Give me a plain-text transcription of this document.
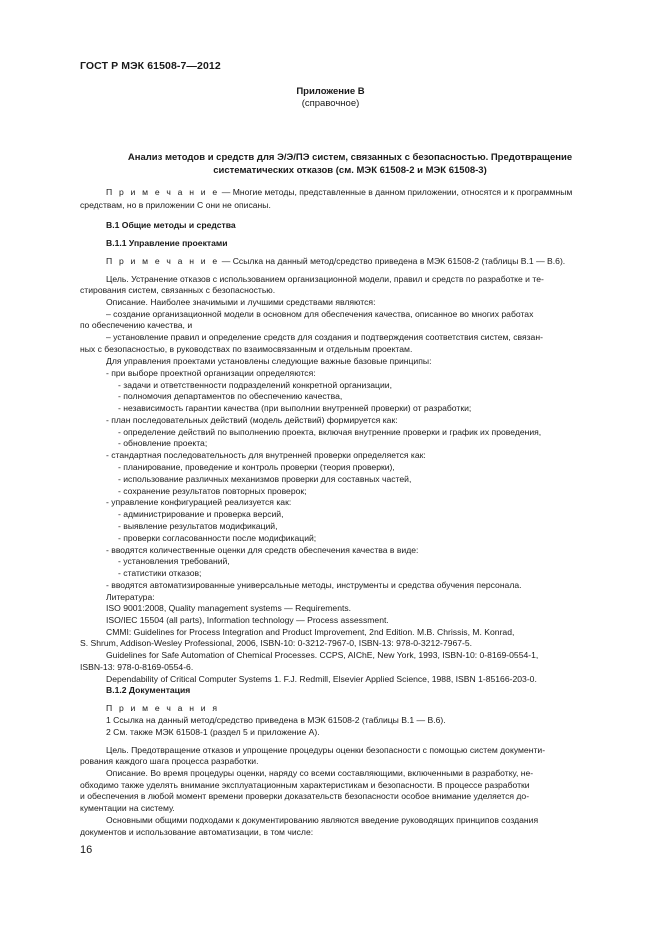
ГОСТ Р МЭК 61508-7—2012
Приложение В
(справочное)
Анализ методов и средств для Э/Э/ПЭ систем, связанных с безопасностью. Предотвращение
систематических отказов (см. МЭК 61508-2 и МЭК 61508-3)
П р и м е ч а н и е — Многие методы, представленные в данном приложении, относятся и к программным
средствам, но в приложении С они не описаны.
В.1 Общие методы и средства
В.1.1 Управление проектами
П р и м е ч а н и е — Ссылка на данный метод/средство приведена в МЭК 61508-2 (таблицы В.1 — В.6).
Цель. Устранение отказов с использованием организационной модели, правил и средств по разработке и те-
стирования систем, связанных с безопасностью.
Описание. Наиболее значимыми и лучшими средствами являются:
– создание организационной модели в основном для обеспечения качества, описанное во многих работах
по обеспечению качества, и
– установление правил и определение средств для создания и подтверждения соответствия систем, связан-
ных с безопасностью, в руководствах по взаимосвязанным и отдельным проектам.
Для управления проектами установлены следующие важные базовые принципы:
- при выборе проектной организации определяются:
- задачи и ответственности подразделений конкретной организации,
- полномочия департаментов по обеспечению качества,
- независимость гарантии качества (при выполнии внутренней проверки) от разработки;
- план последовательных действий (модель действий) формируется как:
- определение действий по выполнению проекта, включая внутренние проверки и график их проведения,
- обновление проекта;
- стандартная последовательность для внутренней проверки определяется как:
- планирование, проведение и контроль проверки (теория проверки),
- использование различных механизмов проверки для составных частей,
- сохранение результатов повторных проверок;
- управление конфигурацией реализуется как:
- администрирование и проверка версий,
- выявление результатов модификаций,
- проверки согласованности после модификаций;
- вводятся количественные оценки для средств обеспечения качества в виде:
- установления требований,
- статистики отказов;
- вводятся автоматизированные универсальные методы, инструменты и средства обучения персонала.
Литература:
ISO 9001:2008, Quality management systems — Requirements.
ISO/IEC 15504 (all parts), Information technology — Process assessment.
CMMI: Guidelines for Process Integration and Product Improvement, 2nd Edition. M.B. Chrissis, M. Konrad,
S. Shrum, Addison-Wesley Professional, 2006, ISBN-10: 0-3212-7967-0, ISBN-13: 978-0-3212-7967-5.
Guidelines for Safe Automation of Chemical Processes. CCPS, AIChE, New York, 1993, ISBN-10: 0-8169-0554-1,
ISBN-13: 978-0-8169-0554-6.
Dependability of Critical Computer Systems 1. F.J. Redmill, Elsevier Applied Science, 1988, ISBN 1-85166-203-0.
В.1.2 Документация
П р и м е ч а н и я
1 Ссылка на данный метод/средство приведена в МЭК 61508-2 (таблицы В.1 — В.6).
2 См. также МЭК 61508-1 (раздел 5 и приложение А).
Цель. Предотвращение отказов и упрощение процедуры оценки безопасности с помощью систем документи-
рования каждого шага процесса разработки.
Описание. Во время процедуры оценки, наряду со всеми составляющими, включенными в разработку, не-
обходимо также уделять внимание эксплуатационным характеристикам и безопасности. В процессе разработки
и обеспечения в любой момент времени проверки доказательств безопасности особое внимание уделяется до-
кументации на систему.
Основными общими подходами к документированию являются введение руководящих принципов создания
документов и использование автоматизации, в том числе:
16
